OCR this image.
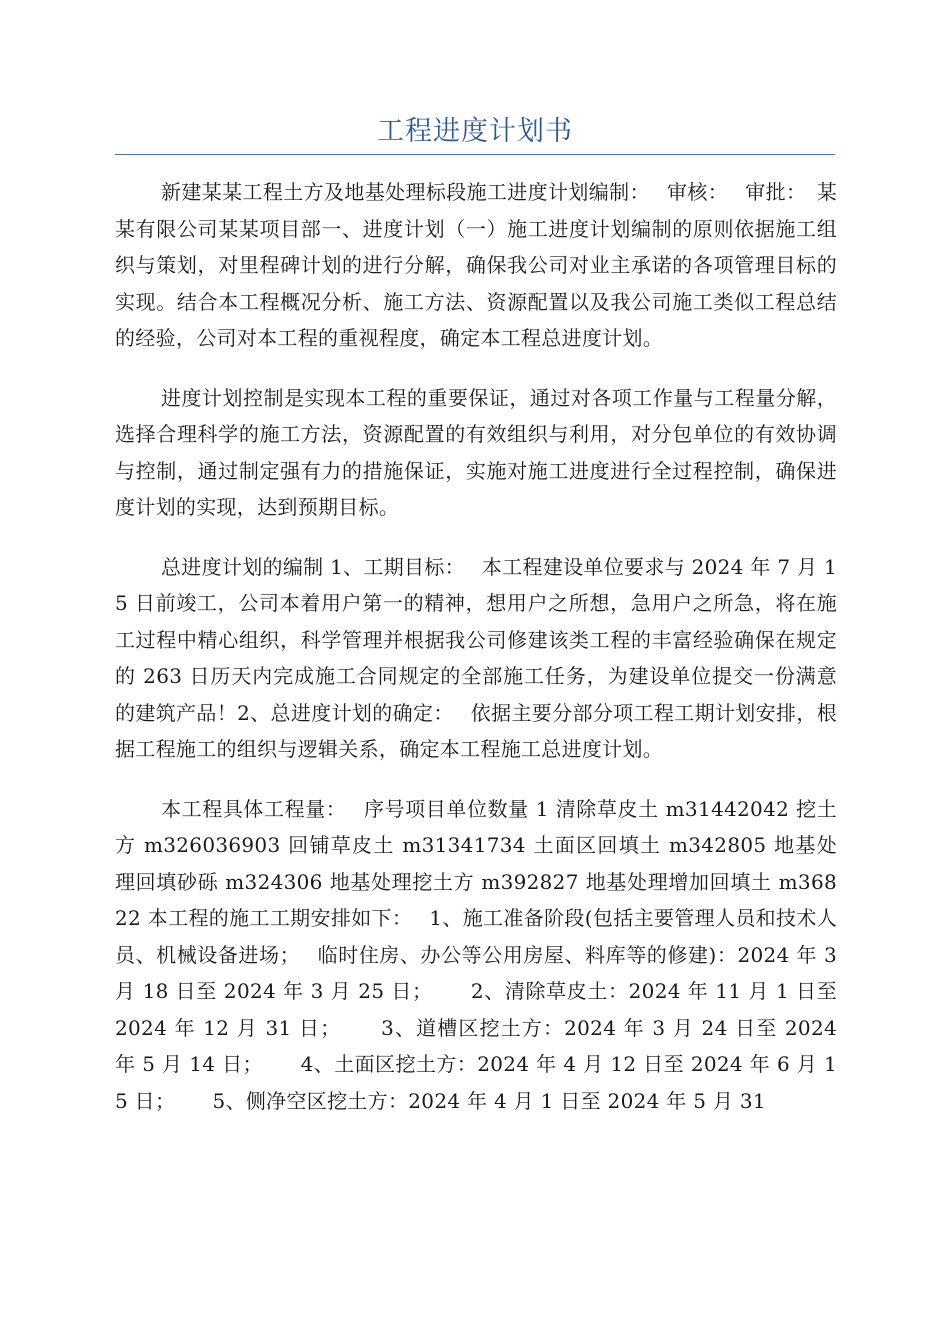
工程进度计划书

新建某某工程土方及地基处理标段施工进度计划编制：　 审核：　 审批：　某某有限公司某某项目部一、进度计划（一）施工进度计划编制的原则依据施工组织与策划，对里程碑计划的进行分解，确保我公司对业主承诺的各项管理目标的实现。结合本工程概况分析、施工方法、资源配置以及我公司施工类似工程总结的经验，公司对本工程的重视程度，确定本工程总进度计划。

进度计划控制是实现本工程的重要保证，通过对各项工作量与工程量分解，选择合理科学的施工方法，资源配置的有效组织与利用，对分包单位的有效协调与控制，通过制定强有力的措施保证，实施对施工进度进行全过程控制，确保进度计划的实现，达到预期目标。

总进度计划的编制 1、工期目标：　 本工程建设单位要求与 2024 年 7 月 15 日前竣工，公司本着用户第一的精神，想用户之所想，急用户之所急，将在施工过程中精心组织，科学管理并根据我公司修建该类工程的丰富经验确保在规定的 263 日历天内完成施工合同规定的全部施工任务，为建设单位提交一份满意的建筑产品！2、总进度计划的确定：　 依据主要分部分项工程工期计划安排，根据工程施工的组织与逻辑关系，确定本工程施工总进度计划。

本工程具体工程量：　 序号项目单位数量 1 清除草皮土 m31442042 挖土方 m326036903 回铺草皮土 m31341734 土面区回填土 m342805 地基处理回填砂砾 m324306 地基处理挖土方 m392827 地基处理增加回填土 m36822 本工程的施工工期安排如下：　 1、施工准备阶段(包括主要管理人员和技术人员、机械设备进场；　 临时住房、办公等公用房屋、料库等的修建)：2024 年 3 月 18 日至 2024 年 3 月 25 日；　　 2、清除草皮土：2024 年 11 月 1 日至 2024 年 12 月 31 日；　　 3、道槽区挖土方：2024 年 3 月 24 日至 2024 年 5 月 14 日；　　 4、土面区挖土方：2024 年 4 月 12 日至 2024 年 6 月 15 日；　　 5、侧净空区挖土方：2024 年 4 月 1 日至 2024 年 5 月 31
